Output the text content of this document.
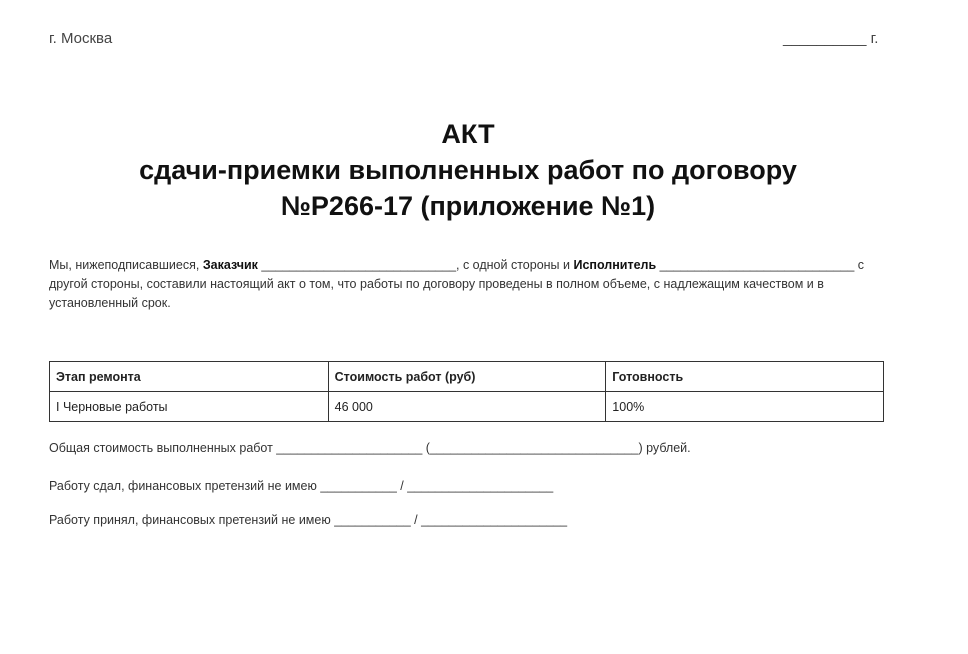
г. Москва	__________ г.
АКТ
сдачи-приемки выполненных работ по договору
№Р266-17 (приложение №1)
Мы, нижеподписавшиеся, Заказчик ____________________________, с одной стороны и Исполнитель ____________________________ с другой стороны, составили настоящий акт о том, что работы по договору проведены в полном объеме, с надлежащим качеством и в установленный срок.
Этап ремонта	Стоимость работ (руб)	Готовность
I Черновые работы	46 000	100%
Общая стоимость выполненных работ _____________________ (______________________________) рублей.
Работу сдал, финансовых претензий не имею ___________ / _____________________
Работу принял, финансовых претензий не имею ___________ / _____________________
